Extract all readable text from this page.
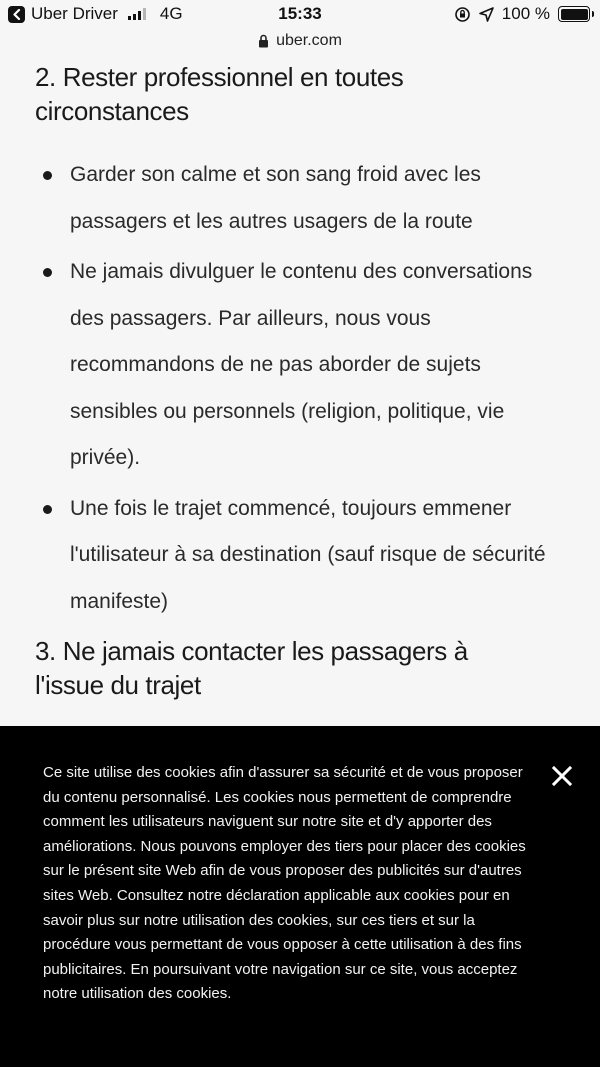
Uber Driver 4G	15:33	100 %
uber.com
2. Rester professionnel en toutes circonstances
Garder son calme et son sang froid avec les passagers et les autres usagers de la route
Ne jamais divulguer le contenu des conversations des passagers. Par ailleurs, nous vous recommandons de ne pas aborder de sujets sensibles ou personnels (religion, politique, vie privée).
Une fois le trajet commencé, toujours emmener l'utilisateur à sa destination (sauf risque de sécurité manifeste)
3. Ne jamais contacter les passagers à l'issue du trajet

Ce site utilise des cookies afin d'assurer sa sécurité et de vous proposer du contenu personnalisé. Les cookies nous permettent de comprendre comment les utilisateurs naviguent sur notre site et d'y apporter des améliorations. Nous pouvons employer des tiers pour placer des cookies sur le présent site Web afin de vous proposer des publicités sur d'autres sites Web. Consultez notre déclaration applicable aux cookies pour en savoir plus sur notre utilisation des cookies, sur ces tiers et sur la procédure vous permettant de vous opposer à cette utilisation à des fins publicitaires. En poursuivant votre navigation sur ce site, vous acceptez notre utilisation des cookies.
